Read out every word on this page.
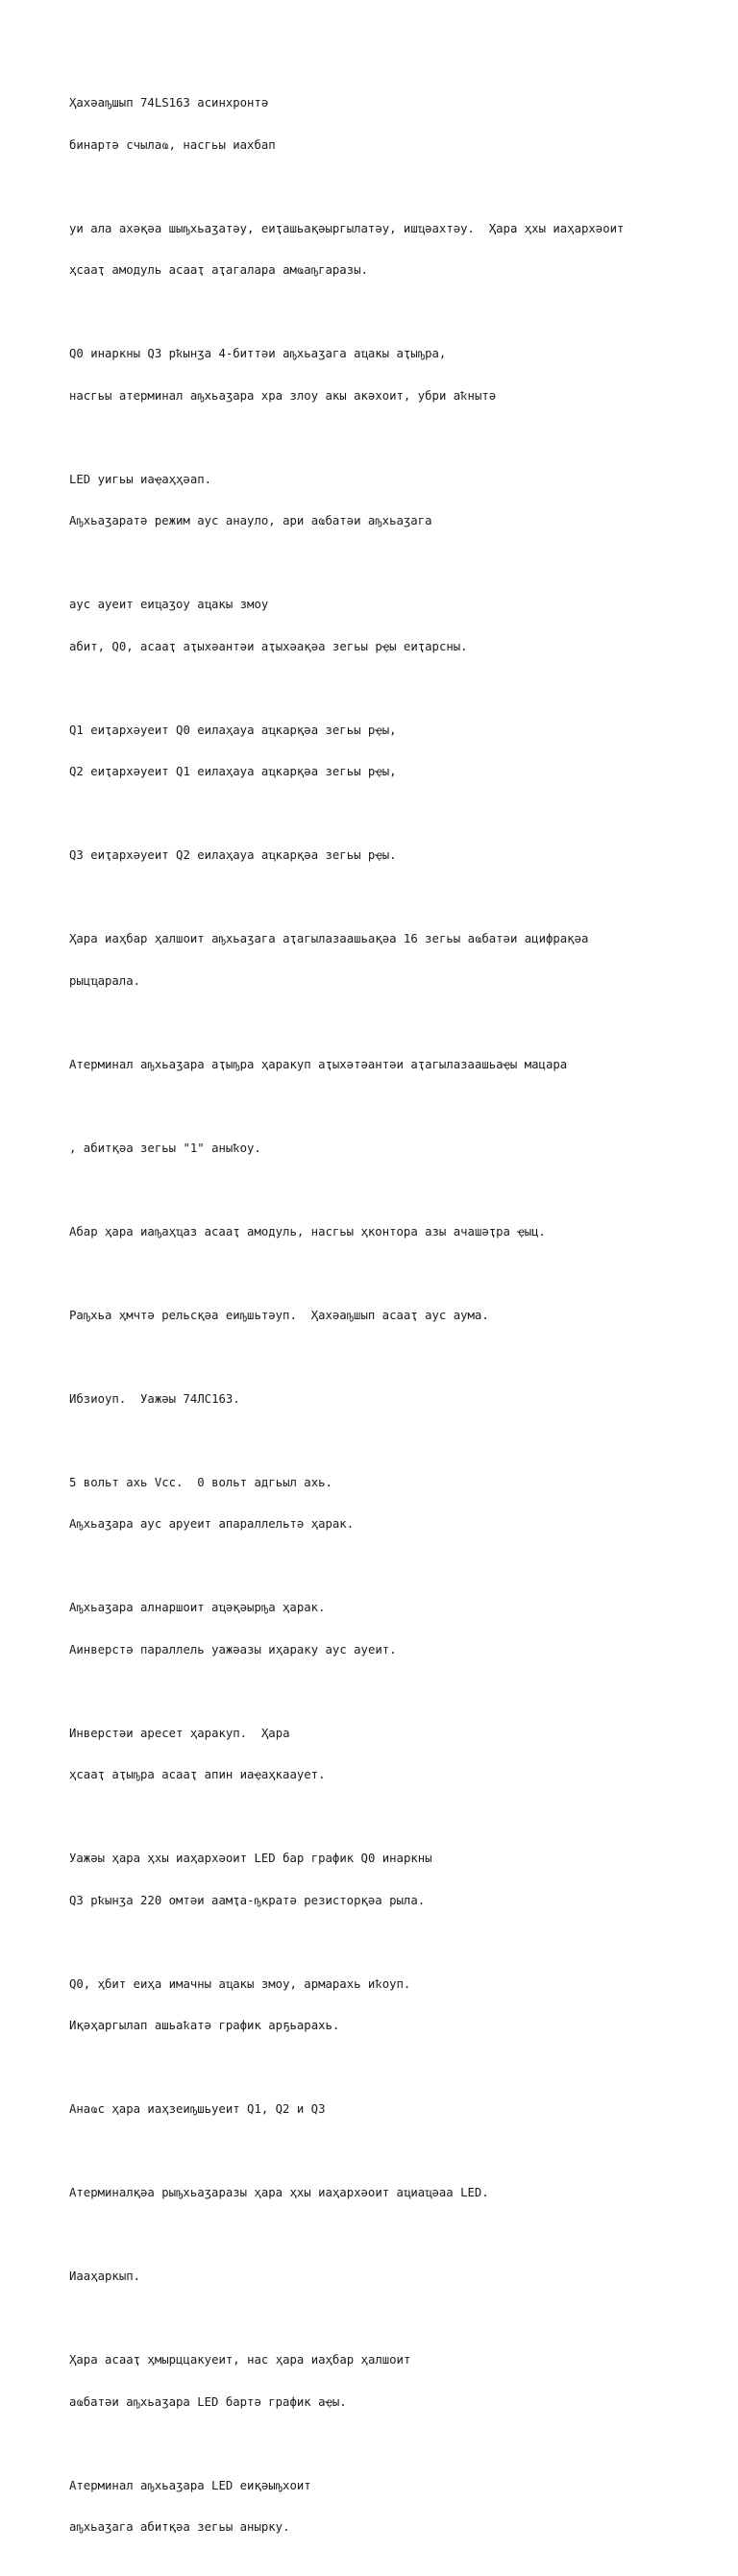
Ҳахәаҧшып 74LS163 асинхронтә

бинартә счылаҩ, насгьы иахбап

уи ала ахәқәа шыҧхьаӡатәу, еиҭашьақәыргылатәу, ишҵәахтәу.  Ҳара ҳхы иаҳархәоит

ҳсааҭ амодуль асааҭ аҭагалара амҩаҧгаразы.

Q0 инаркны Q3 рҟынӡа 4-биттәи аҧхьаӡага аҵакы аҭыҧра,

насгьы атерминал аҧхьаӡара хра злоу акы акәхоит, убри аҟнытә

LED уигьы иаҿаҳҳәап.

Аҧхьаӡаратә режим аус анауло, ари аҩбатәи аҧхьаӡага

аус ауеит еиҵаӡоу аҵакы змоу

абит, Q0, асааҭ аҭыхәантәи аҭыхәақәа зегьы рҿы еиҭарсны.

Q1 еиҭархәуеит Q0 еилаҳауа аҵкарқәа зегьы рҿы,

Q2 еиҭархәуеит Q1 еилаҳауа аҵкарқәа зегьы рҿы,

Q3 еиҭархәуеит Q2 еилаҳауа аҵкарқәа зегьы рҿы.

Ҳара иаҳбар ҳалшоит аҧхьаӡага аҭагылазаашьақәа 16 зегьы аҩбатәи ацифрақәа

рыцҵарала.

Атерминал аҧхьаӡара аҭыҧра ҳаракуп аҭыхәтәантәи аҭагылазаашьаҿы мацара

, абитқәа зегьы "1" аныҟоу.

Абар ҳара иаҧаҳҵаз асааҭ амодуль, насгьы ҳконтора азы ачашәҭра ҿыц.

Раҧхьа ҳмчтә рельсқәа еиҧшьтәуп.  Ҳахәаҧшып асааҭ аус аума.

Ибзиоуп.  Уажәы 74ЛС163.

5 вольт ахь Vcc.  0 вольт адгьыл ахь.

Аҧхьаӡара аус аруеит апараллельтә ҳарак.

Аҧхьаӡара алнаршоит аҵәқәырҧа ҳарак.

Аинверстә параллель уажәазы иҳараку аус ауеит.

Инверстәи аресет ҳаракуп.  Ҳара

ҳсааҭ аҭыҧра асааҭ апин иаҿаҳкааует.

Уажәы ҳара ҳхы иаҳархәоит LED бар график Q0 инаркны

Q3 рҟынӡа 220 омтәи аамҭа-ҧкратә резисторқәа рыла.

Q0, ҳбит еиҳа имачны аҵакы змоу, армарахь иҟоуп.

Иқәҳаргылап ашьаҟатә график арҕьарахь.

Анаҩс ҳара иаҳзеиҧшьуеит Q1, Q2 и Q3

Атерминалқәа рыҧхьаӡаразы ҳара ҳхы иаҳархәоит аҵиаҵәаа LED.

Иааҳаркып.

Ҳара асааҭ ҳмырццакуеит, нас ҳара иаҳбар ҳалшоит

аҩбатәи аҧхьаӡара LED бартә график аҿы.

Атерминал аҧхьаӡара LED еиқәыҧхоит

аҧхьаӡага абитқәа зегьы анырку.
